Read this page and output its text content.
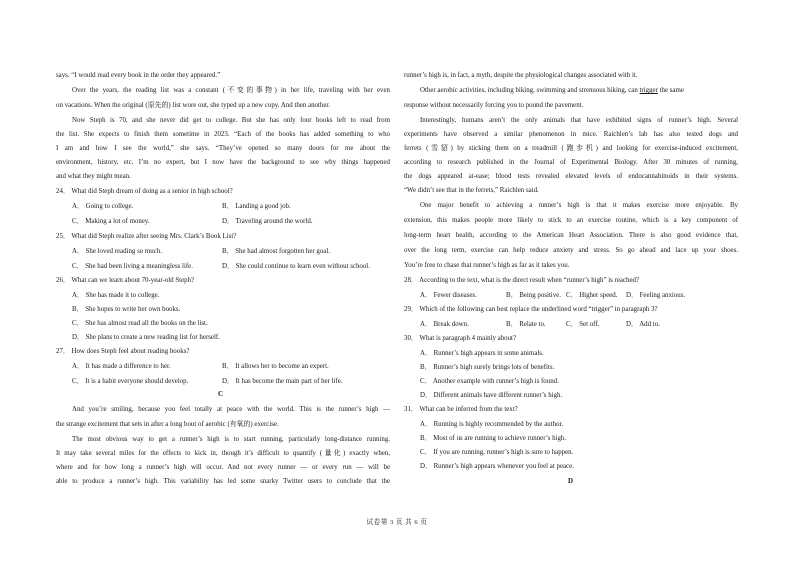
says. “I would read every book in the order they appeared.”
Over the years, the reading list was a constant (不变的事物) in her life, traveling with her even
on vacations. When the original (原先的) list wore out, she typed up a new copy. And then another.
Now Steph is 70, and she never did get to college. But she has only four books left to read from
the list. She expects to finish them sometime in 2023. “Each of the books has added something to who
I am and how I see the world,” she says. “They’ve opened so many doors for me about the
environment, history, etc. I’m no expert, but I now have the background to see why things happened
and what they might mean.
24． What did Steph dream of doing as a senior in high school?
A． Going to college.	B． Landing a good job.
C． Making a lot of money.	D． Traveling around the world.
25． What did Steph realize after seeing Mrs. Clark’s Book List?
A． She loved reading so much.	B． She had almost forgotten her goal.
C． She had been living a meaningless life.	D． She could continue to learn even without school.
26． What can we learn about 70-year-old Steph?
A． She has made it to college.
B． She hopes to write her own books.
C． She has almost read all the books on the list.
D． She plans to create a new reading list for herself.
27． How does Steph feel about reading books?
A． It has made a difference to her.	B． It allows her to become an expert.
C． It is a habit everyone should develop.	D． It has become the main part of her life.
C
And you’re smiling, because you feel totally at peace with the world. This is the runner’s high —
the strange excitement that sets in after a long bout of aerobic (有氧的) exercise.
The most obvious way to get a runner’s high is to start running, particularly long-distance running.
It may take several miles for the effects to kick in, though it’s difficult to quantify (量化) exactly when,
where and for how long a runner’s high will occur. And not every runner — or every run — will be
able to produce a runner’s high. This variability has led some snarky Twitter users to conclude that the
runner’s high is, in fact, a myth, despite the physiological changes associated with it.
Other aerobic activities, including biking, swimming and strenuous hiking, can trigger the same
response without necessarily forcing you to pound the pavement.
Interestingly, humans aren’t the only animals that have exhibited signs of runner’s high. Several
experiments have observed a similar phenomenon in mice. Raichlen’s lab has also tested dogs and
ferrets (雪貂) by sticking them on a treadmill (跑步机) and looking for exercise-induced excitement,
according to research published in the Journal of Experimental Biology. After 30 minutes of running,
the dogs appeared at-ease; blood tests revealed elevated levels of endocannabinoids in their systems.
“We didn’t see that in the ferrets,” Raichlen said.
One major benefit to achieving a runner’s high is that it makes exercise more enjoyable. By
extension, this makes people more likely to stick to an exercise routine, which is a key component of
long-term heart health, according to the American Heart Association. There is also good evidence that,
over the long term, exercise can help reduce anxiety and stress. So go ahead and lace up your shoes.
You’re free to chase that runner’s high as far as it takes you.
28． According to the text, what is the direct result when “runner’s high” is reached?
A． Fewer diseases.	B． Being positive. C． Higher speed. D． Feeling anxious.
29． Which of the following can best replace the underlined word “trigger” in paragraph 3?
A． Break down.	B． Relate to.	C． Set off.	D． Add to.
30． What is paragraph 4 mainly about?
A． Runner’s high appears in some animals.
B． Runner’s high surely brings lots of benefits.
C． Another example with runner’s high is found.
D． Different animals have different runner’s high.
31． What can be inferred from the text?
A． Running is highly recommended by the author.
B． Most of us are running to achieve runner’s high.
C． If you are running, runner’s high is sure to happen.
D． Runner’s high appears whenever you feel at peace.
D
试卷第 3 页 共 6 页
